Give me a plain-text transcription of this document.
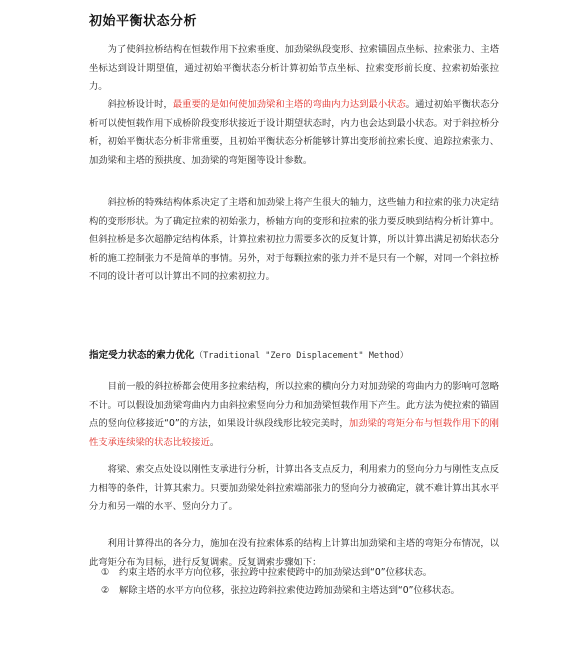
初始平衡状态分析

为了使斜拉桥结构在恒载作用下拉索垂度、加劲梁纵段变形、拉索锚固点坐标、拉索张力、主塔坐标达到设计期望值，通过初始平衡状态分析计算初始节点坐标、拉索变形前长度、拉索初始张拉力。

斜拉桥设计时，最重要的是如何使加劲梁和主塔的弯曲内力达到最小状态。通过初始平衡状态分析可以使恒载作用下成桥阶段变形状接近于设计期望状态时，内力也会达到最小状态。对于斜拉桥分析，初始平衡状态分析非常重要，且初始平衡状态分析能够计算出变形前拉索长度、追踪拉索张力、加劲梁和主塔的预拱度、加劲梁的弯矩图等设计参数。

斜拉桥的特殊结构体系决定了主塔和加劲梁上将产生很大的轴力，这些轴力和拉索的张力决定结构的变形形状。为了确定拉索的初始张力，桥轴方向的变形和拉索的张力要反映到结构分析计算中。但斜拉桥是多次超静定结构体系，计算拉索初拉力需要多次的反复计算，所以计算出满足初始状态分析的施工控制张力不是简单的事情。另外，对于每颗拉索的张力并不是只有一个解，对同一个斜拉桥不同的设计者可以计算出不同的拉索初拉力。

指定受力状态的索力优化（Traditional "Zero Displacement" Method）

目前一般的斜拉桥都会使用多拉索结构，所以拉索的横向分力对加劲梁的弯曲内力的影响可忽略不计。可以假设加劲梁弯曲内力由斜拉索竖向分力和加劲梁恒载作用下产生。此方法为使拉索的锚固点的竖向位移接近“0”的方法，如果设计纵段线形比较完美时，加劲梁的弯矩分布与恒载作用下的刚性支承连续梁的状态比较接近。

将梁、索交点处设以刚性支承进行分析，计算出各支点反力，利用索力的竖向分力与刚性支点反力相等的条件，计算其索力。只要加劲梁处斜拉索端部张力的竖向分力被确定，就不难计算出其水平分力和另一端的水平、竖向分力了。

利用计算得出的各分力，施加在没有拉索体系的结构上计算出加劲梁和主塔的弯矩分布情况，以此弯矩分布为目标，进行反复调索。反复调索步骤如下：

① 约束主塔的水平方向位移，张拉跨中拉索使跨中的加劲梁达到“0”位移状态。

② 解除主塔的水平方向位移，张拉边跨斜拉索使边跨加劲梁和主塔达到“0”位移状态。
